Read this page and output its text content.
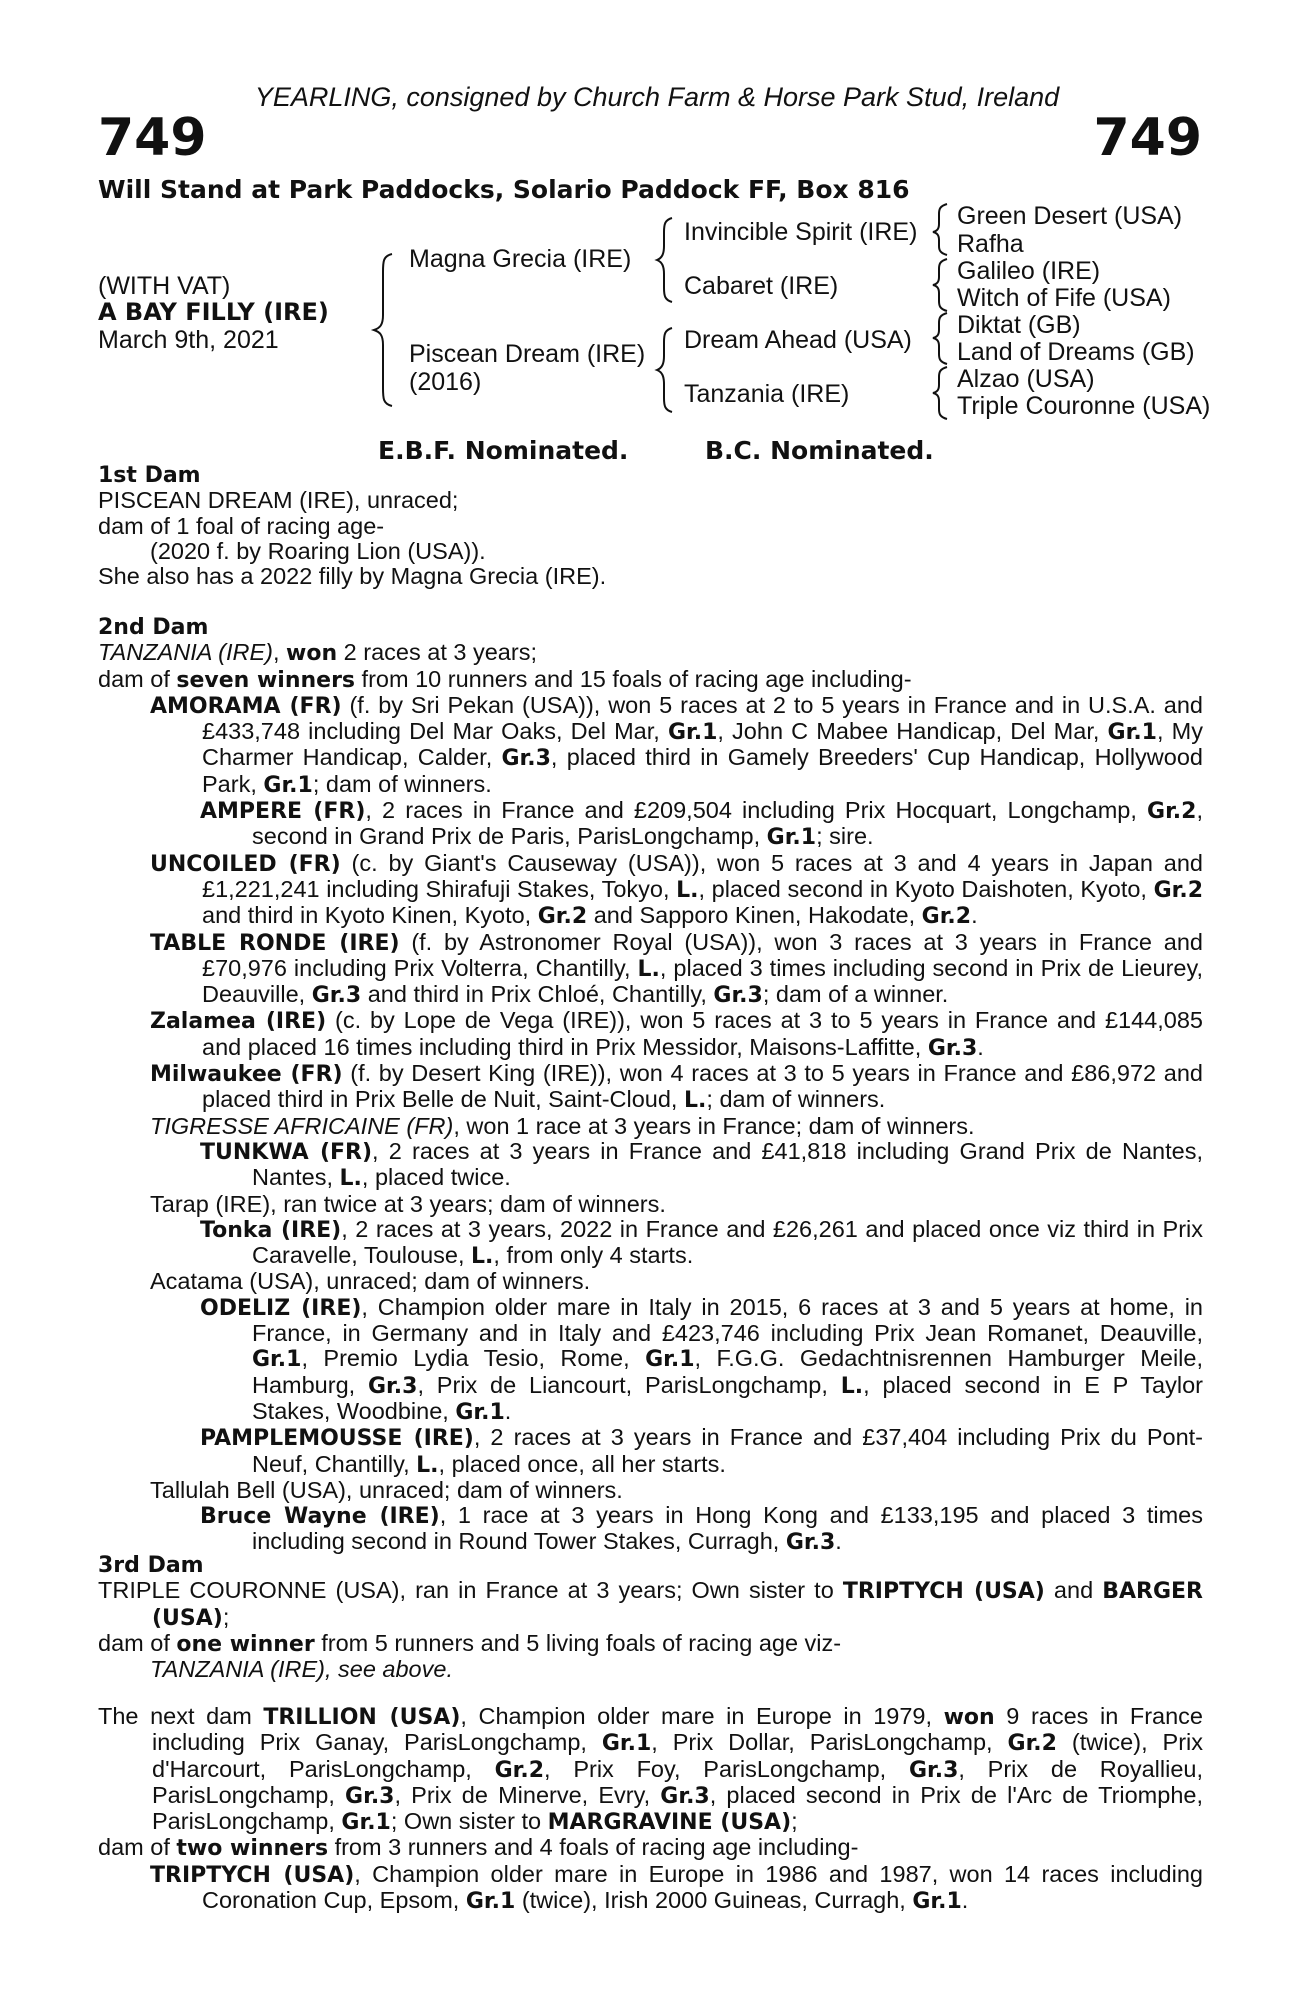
YEARLING, consigned by Church Farm & Horse Park Stud, Ireland
749	749
Will Stand at Park Paddocks, Solario Paddock FF, Box 816
(WITH VAT)
A BAY FILLY (IRE)
March 9th, 2021
Magna Grecia (IRE)
Piscean Dream (IRE)
(2016)
Invincible Spirit (IRE)
Cabaret (IRE)
Dream Ahead (USA)
Tanzania (IRE)
Green Desert (USA)
Rafha
Galileo (IRE)
Witch of Fife (USA)
Diktat (GB)
Land of Dreams (GB)
Alzao (USA)
Triple Couronne (USA)
E.B.F. Nominated.	B.C. Nominated.

1st Dam

PISCEAN DREAM (IRE), unraced;

dam of 1 foal of racing age-

(2020 f. by Roaring Lion (USA)).

She also has a 2022 filly by Magna Grecia (IRE).

2nd Dam

TANZANIA (IRE), won 2 races at 3 years;

dam of seven winners from 10 runners and 15 foals of racing age including-

AMORAMA (FR) (f. by Sri Pekan (USA)), won 5 races at 2 to 5 years in France and in U.S.A. and £433,748 including Del Mar Oaks, Del Mar, Gr.1, John C Mabee Handicap, Del Mar, Gr.1, My Charmer Handicap, Calder, Gr.3, placed third in Gamely Breeders' Cup Handicap, Hollywood Park, Gr.1; dam of winners.

AMPERE (FR), 2 races in France and £209,504 including Prix Hocquart, Longchamp, Gr.2, second in Grand Prix de Paris, ParisLongchamp, Gr.1; sire.

UNCOILED (FR) (c. by Giant's Causeway (USA)), won 5 races at 3 and 4 years in Japan and £1,221,241 including Shirafuji Stakes, Tokyo, L., placed second in Kyoto Daishoten, Kyoto, Gr.2 and third in Kyoto Kinen, Kyoto, Gr.2 and Sapporo Kinen, Hakodate, Gr.2.

TABLE RONDE (IRE) (f. by Astronomer Royal (USA)), won 3 races at 3 years in France and £70,976 including Prix Volterra, Chantilly, L., placed 3 times including second in Prix de Lieurey, Deauville, Gr.3 and third in Prix Chloé, Chantilly, Gr.3; dam of a winner.

Zalamea (IRE) (c. by Lope de Vega (IRE)), won 5 races at 3 to 5 years in France and £144,085 and placed 16 times including third in Prix Messidor, Maisons-Laffitte, Gr.3.

Milwaukee (FR) (f. by Desert King (IRE)), won 4 races at 3 to 5 years in France and £86,972 and placed third in Prix Belle de Nuit, Saint-Cloud, L.; dam of winners.

TIGRESSE AFRICAINE (FR), won 1 race at 3 years in France; dam of winners.

TUNKWA (FR), 2 races at 3 years in France and £41,818 including Grand Prix de Nantes, Nantes, L., placed twice.

Tarap (IRE), ran twice at 3 years; dam of winners.

Tonka (IRE), 2 races at 3 years, 2022 in France and £26,261 and placed once viz third in Prix Caravelle, Toulouse, L., from only 4 starts.

Acatama (USA), unraced; dam of winners.

ODELIZ (IRE), Champion older mare in Italy in 2015, 6 races at 3 and 5 years at home, in France, in Germany and in Italy and £423,746 including Prix Jean Romanet, Deauville, Gr.1, Premio Lydia Tesio, Rome, Gr.1, F.G.G. Gedachtnisrennen Hamburger Meile, Hamburg, Gr.3, Prix de Liancourt, ParisLongchamp, L., placed second in E P Taylor Stakes, Woodbine, Gr.1.

PAMPLEMOUSSE (IRE), 2 races at 3 years in France and £37,404 including Prix du Pont-Neuf, Chantilly, L., placed once, all her starts.

Tallulah Bell (USA), unraced; dam of winners.

Bruce Wayne (IRE), 1 race at 3 years in Hong Kong and £133,195 and placed 3 times including second in Round Tower Stakes, Curragh, Gr.3.

3rd Dam

TRIPLE COURONNE (USA), ran in France at 3 years; Own sister to TRIPTYCH (USA) and BARGER (USA);

dam of one winner from 5 runners and 5 living foals of racing age viz-

TANZANIA (IRE), see above.

The next dam TRILLION (USA), Champion older mare in Europe in 1979, won 9 races in France including Prix Ganay, ParisLongchamp, Gr.1, Prix Dollar, ParisLongchamp, Gr.2 (twice), Prix d'Harcourt, ParisLongchamp, Gr.2, Prix Foy, ParisLongchamp, Gr.3, Prix de Royallieu, ParisLongchamp, Gr.3, Prix de Minerve, Evry, Gr.3, placed second in Prix de l'Arc de Triomphe, ParisLongchamp, Gr.1; Own sister to MARGRAVINE (USA);

dam of two winners from 3 runners and 4 foals of racing age including-

TRIPTYCH (USA), Champion older mare in Europe in 1986 and 1987, won 14 races including Coronation Cup, Epsom, Gr.1 (twice), Irish 2000 Guineas, Curragh, Gr.1.
